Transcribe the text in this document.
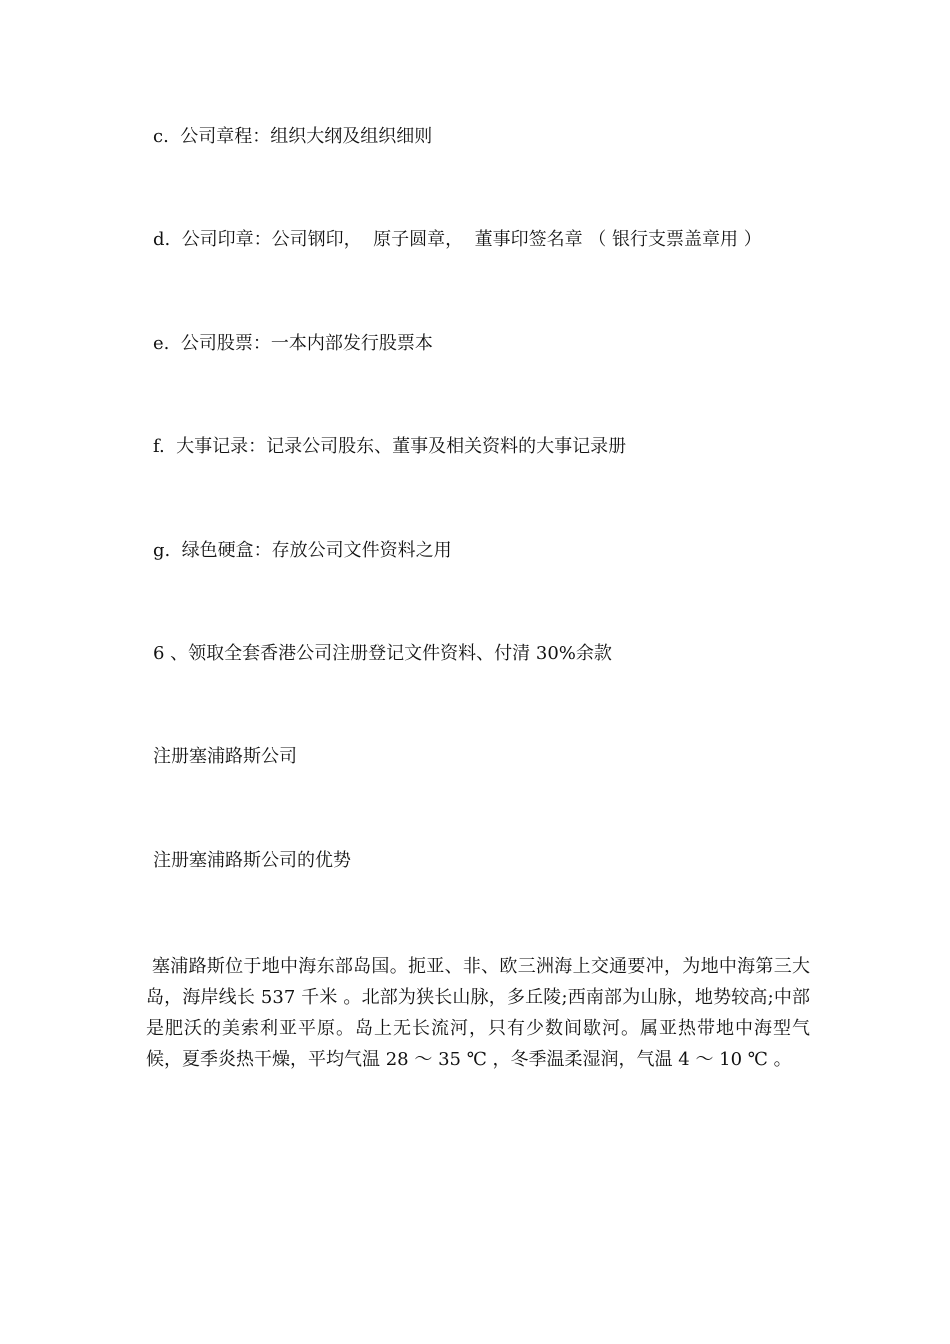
c.  公司章程：组织大纲及组织细则
d.  公司印章：公司钢印，  原子圆章，  董事印签名章 （ 银行支票盖章用 ）
e.  公司股票：一本内部发行股票本
f.  大事记录：记录公司股东、董事及相关资料的大事记录册
g.  绿色硬盒：存放公司文件资料之用
6 、领取全套香港公司注册登记文件资料、付清 30%余款
注册塞浦路斯公司
注册塞浦路斯公司的优势
塞浦路斯位于地中海东部岛国。扼亚、非、欧三洲海上交通要冲，为地中海第三大岛，海岸线长 537 千米 。北部为狭长山脉，多丘陵;西南部为山脉，地势较高;中部是肥沃的美索利亚平原。岛上无长流河，只有少数间歇河。属亚热带地中海型气候，夏季炎热干燥，平均气温 28 ～ 35 ℃ ，冬季温柔湿润，气温 4 ～ 10 ℃ 。
